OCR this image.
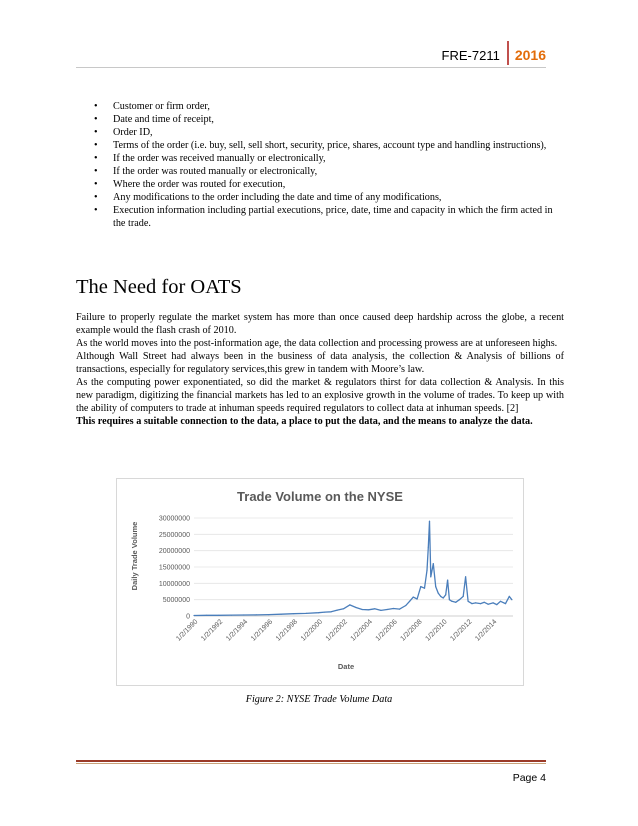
FRE-7211	2016
• Customer or firm order,
• Date and time of receipt,
• Order ID,
• Terms of the order (i.e. buy, sell, sell short, security, price, shares, account type and handling instructions),
• If the order was received manually or electronically,
• If the order was routed manually or electronically,
• Where the order was routed for execution,
• Any modifications to the order including the date and time of any modifications,
• Execution information including partial executions, price, date, time and capacity in which the firm acted in the trade.
The Need for OATS

Failure to properly regulate the market system has more than once caused deep hardship across the globe, a recent example would the flash crash of 2010.

As the world moves into the post-information age, the data collection and processing prowess are at unforeseen highs.

Although Wall Street had always been in the business of data analysis, the collection & Analysis of billions of transactions, especially for regulatory services,this grew in tandem with Moore’s law.

As the computing power exponentiated, so did the market & regulators thirst for data collection & Analysis. In this new paradigm, digitizing the financial markets has led to an explosive growth in the volume of trades. To keep up with the ability of computers to trade at inhuman speeds required regulators to collect data at inhuman speeds. [2]

This requires a suitable connection to the data, a place to put the data, and the means to analyze the data.

Trade Volume on the NYSE
Daily Trade Volume
Date
0
5000000
10000000
15000000
20000000
25000000
30000000
1/2/1990 1/2/1992 1/2/1994 1/2/1996 1/2/1998 1/2/2000 1/2/2002 1/2/2004 1/2/2006 1/2/2008 1/2/2010 1/2/2012 1/2/2014
Figure 2: NYSE Trade Volume Data
Page 4
